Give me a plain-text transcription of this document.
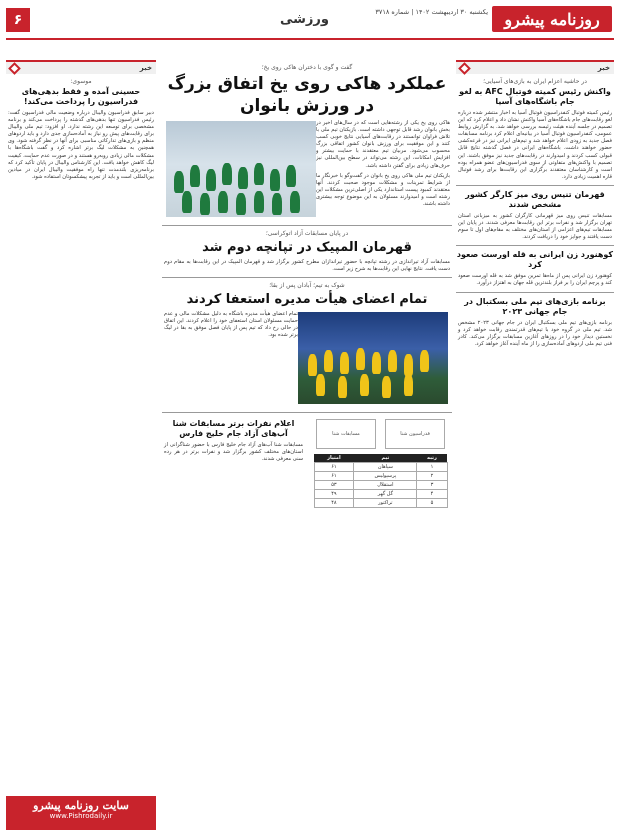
۶	ورزشی	یکشنبه ۳۰ اردیبهشت ۱۴۰۲ | شماره ۳۷۱۸	روزنامه پیشرو
خبر
در حاشیه اعزام ایران به بازی‌های آسیایی؛
واکنش رئیس کمیته فوتبال AFC به لغو جام باشگاه‌های آسیا
رئیس کمیته فوتبال کنفدراسیون فوتبال آسیا به اخبار منتشر شده درباره لغو رقابت‌های جام باشگاه‌های آسیا واکنش نشان داد و اعلام کرد که این تصمیم در جلسه آینده هیئت رئیسه بررسی خواهد شد. به گزارش روابط عمومی، کنفدراسیون فوتبال آسیا در بیانیه‌ای اعلام کرد برنامه مسابقات فصل جدید به زودی اعلام خواهد شد و تیم‌های ایرانی نیز در قرعه‌کشی حضور خواهند داشت. باشگاه‌های ایرانی در فصل گذشته نتایج قابل قبولی کسب کردند و امیدوارند در رقابت‌های جدید نیز موفق باشند. این تصمیم با واکنش‌های متفاوتی از سوی فدراسیون‌های عضو همراه بوده است و کارشناسان معتقدند برگزاری این رقابت‌ها برای رشد فوتبال قاره اهمیت زیادی دارد.
قهرمان تنیس روی میز کارگر کشور مشخص شدند
مسابقات تنیس روی میز قهرمانی کارگران کشور به میزبانی استان تهران برگزار شد و نفرات برتر این رقابت‌ها معرفی شدند. در پایان این مسابقات تیم‌های اعزامی از استان‌های مختلف به مقام‌های اول تا سوم دست یافتند و جوایز خود را دریافت کردند.
کوهنورد زن ایرانی به قله اورست صعود کرد
کوهنورد زن ایرانی پس از ماه‌ها تمرین موفق شد به قله اورست صعود کند و پرچم ایران را بر فراز بلندترین قله جهان به اهتزاز درآورد.
برنامه بازی‌های تیم ملی بسکتبال در جام جهانی ۲۰۲۳
برنامه بازی‌های تیم ملی بسکتبال ایران در جام جهانی ۲۰۲۳ مشخص شد. تیم ملی در گروه خود با تیم‌های قدرتمندی رقابت خواهد کرد و نخستین دیدار خود را در روزهای آغازین مسابقات برگزار می‌کند. کادر فنی تیم ملی اردوهای آماده‌سازی را از ماه آینده آغاز خواهد کرد.
گفت و گوی با دختران هاکی روی یخ؛
عملکرد هاکی روی یخ اتفاق بزرگ در ورزش بانوان
هاکی روی یخ یکی از رشته‌هایی است که در سال‌های اخیر در بخش بانوان رشد قابل توجهی داشته است. بازیکنان تیم ملی با تلاش فراوان توانستند در رقابت‌های آسیایی نتایج خوبی کسب کنند و این موفقیت برای ورزش بانوان کشور اتفاقی بزرگ محسوب می‌شود. مربیان تیم معتقدند با حمایت بیشتر و افزایش امکانات، این رشته می‌تواند در سطح بین‌المللی نیز حرف‌های زیادی برای گفتن داشته باشد.
بازیکنان تیم ملی هاکی روی یخ بانوان در گفت‌وگو با خبرنگار ما از شرایط تمرینات و مشکلات موجود صحبت کردند. آنها معتقدند کمبود پیست استاندارد یکی از اصلی‌ترین مشکلات این رشته است و امیدوارند مسئولان به این موضوع توجه بیشتری داشته باشند.
در پایان مسابقات آزاد اتوکراسی؛
قهرمان المپیک در تپانچه دوم شد
مسابقات آزاد تیراندازی در رشته تپانچه با حضور تیراندازان مطرح کشور برگزار شد و قهرمان المپیک در این رقابت‌ها به مقام دوم دست یافت. نتایج نهایی این رقابت‌ها به شرح زیر است.
شوک به تیم؛ آبادان پس از بقا؛
تمام اعضای هیأت مدیره استعفا کردند
تمام اعضای هیأت مدیره باشگاه به دلیل مشکلات مالی و عدم حمایت مسئولان استان استعفای خود را اعلام کردند. این اتفاق در حالی رخ داد که تیم پس از پایان فصل موفق به بقا در لیگ برتر شده بود.
فدراسیون شنا مسابقات شنا
رتبه	تیم	امتیاز
۱	سپاهان	۶۱
۲	پرسپولیس	۶۱
۳	استقلال	۵۳
۴	گل گهر	۴۹
۵	تراکتور	۴۸
اعلام نفرات برتر مسابقات شنا آب‌های آزاد جام خلیج فارس
مسابقات شنا آب‌های آزاد جام خلیج فارس با حضور شناگرانی از استان‌های مختلف کشور برگزار شد و نفرات برتر در هر رده سنی معرفی شدند.
خبر
موسوی:
حسینی آمده و فقط بدهی‌های فدراسیون را پرداخت می‌کند!
دبیر سابق فدراسیون والیبال درباره وضعیت مالی فدراسیون گفت: رئیس فدراسیون تنها بدهی‌های گذشته را پرداخت می‌کند و برنامه مشخصی برای توسعه این رشته ندارد. او افزود: تیم ملی والیبال برای رقابت‌های پیش رو نیاز به آماده‌سازی جدی دارد و باید اردوهای منظم و بازی‌های تدارکاتی مناسبی برای آنها در نظر گرفته شود. وی همچنین به مشکلات لیگ برتر اشاره کرد و گفت باشگاه‌ها با مشکلات مالی زیادی روبه‌رو هستند و در صورت عدم حمایت، کیفیت لیگ کاهش خواهد یافت. این کارشناس والیبال در پایان تأکید کرد که برنامه‌ریزی بلندمدت تنها راه موفقیت والیبال ایران در میادین بین‌المللی است و باید از تجربه پیشکسوتان استفاده شود.
سایت روزنامه پیشرو
www.Pishrodaily.ir
